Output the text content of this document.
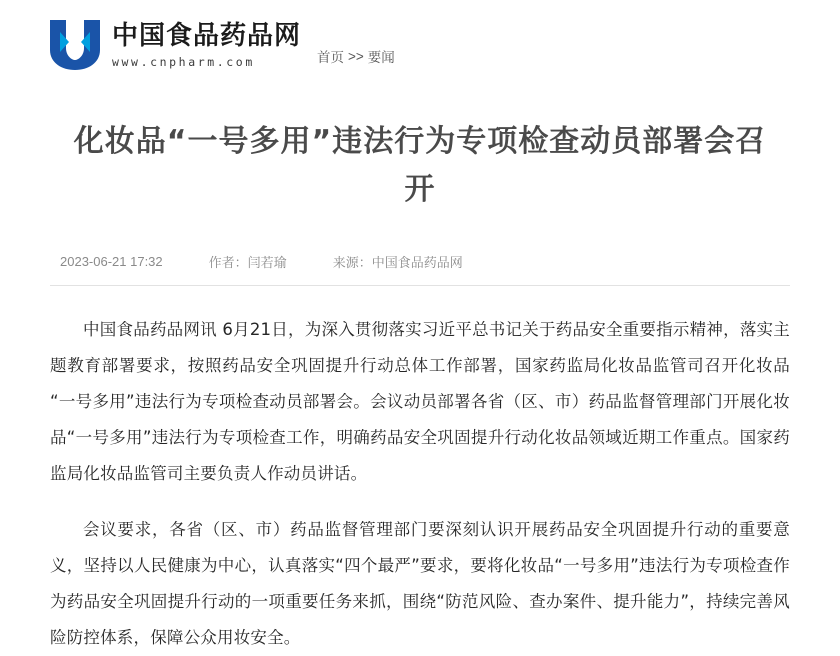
中国食品药品网
www.cnpharm.com	首页 >> 要闻
化妆品“一号多用”违法行为专项检查动员部署会召开
2023-06-21 17:32	作者： 闫若瑜	来源： 中国食品药品网

中国食品药品网讯 6月21日，为深入贯彻落实习近平总书记关于药品安全重要指示精神，落实主题教育部署要求，按照药品安全巩固提升行动总体工作部署，国家药监局化妆品监管司召开化妆品“一号多用”违法行为专项检查动员部署会。会议动员部署各省（区、市）药品监督管理部门开展化妆品“一号多用”违法行为专项检查工作，明确药品安全巩固提升行动化妆品领域近期工作重点。国家药监局化妆品监管司主要负责人作动员讲话。

会议要求，各省（区、市）药品监督管理部门要深刻认识开展药品安全巩固提升行动的重要意义，坚持以人民健康为中心，认真落实“四个最严”要求，要将化妆品“一号多用”违法行为专项检查作为药品安全巩固提升行动的一项重要任务来抓，围绕“防范风险、查办案件、提升能力”，持续完善风险防控体系，保障公众用妆安全。
